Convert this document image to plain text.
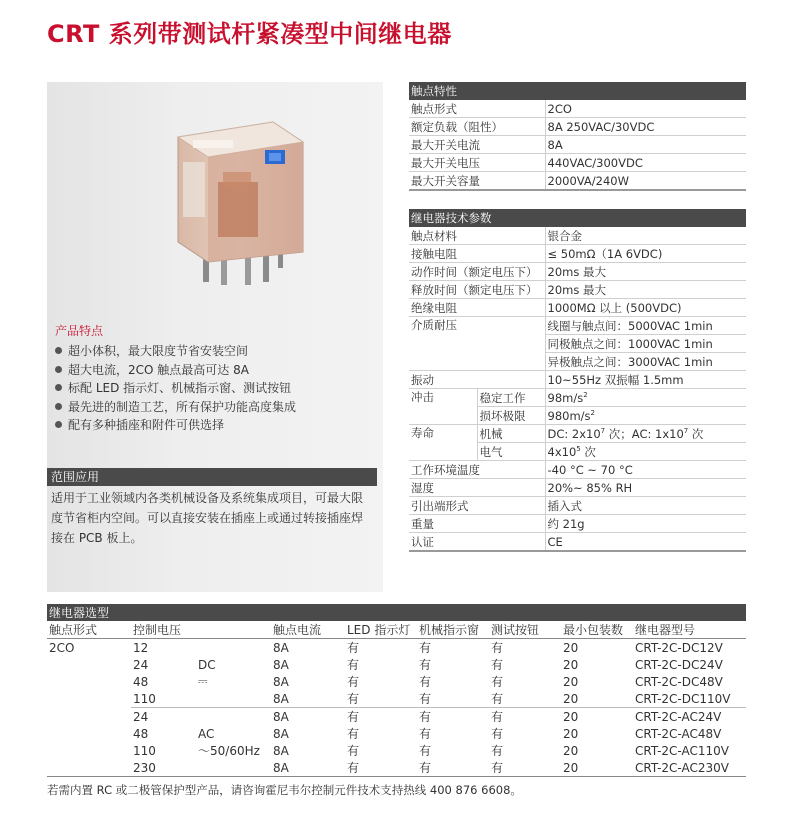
CRT 系列带测试杆紧凑型中间继电器
产品特点
超小体积，最大限度节省安装空间
超大电流，2CO 触点最高可达 8A
标配 LED 指示灯、机械指示窗、测试按钮
最先进的制造工艺，所有保护功能高度集成
配有多种插座和附件可供选择
范围应用
适用于工业领域内各类机械设备及系统集成项目，可最大限度节省柜内空间。可以直接安装在插座上或通过转接插座焊接在 PCB 板上。
触点特性	
触点形式	2CO
额定负载（阻性）	8A 250VAC/30VDC
最大开关电流	8A
最大开关电压	440VAC/300VDC
最大开关容量	2000VA/240W
继电器技术参数		
触点材料		银合金
接触电阻		≤ 50mΩ（1A 6VDC)
动作时间（额定电压下）		20ms 最大
释放时间（额定电压下）		20ms 最大
绝缘电阻		1000MΩ 以上 (500VDC)
介质耐压		线圈与触点间：5000VAC 1min
		同极触点之间：1000VAC 1min
		异极触点之间：3000VAC 1min
振动		10~55Hz 双振幅 1.5mm
冲击	稳定工作	$98m/s^2$
	损坏极限	$980m/s^2$
寿命	机械	DC: $2x10^7$ 次；AC: $1x10^7$ 次
	电气	$4x10^5$ 次
工作环境温度		-40 °C ~ 70 °C
湿度		20%~ 85% RH
引出端形式		插入式
重量		约 21g
认证		CE
继电器选型								
触点形式	控制电压		触点电流	LED 指示灯	机械指示窗	测试按钮	最小包装数	继电器型号
2CO	12		8A	有	有	有	20	CRT-2C-DC12V
	24	DC	8A	有	有	有	20	CRT-2C-DC24V
	48	⎓	8A	有	有	有	20	CRT-2C-DC48V
	110		8A	有	有	有	20	CRT-2C-DC110V
	24		8A	有	有	有	20	CRT-2C-AC24V
	48	AC	8A	有	有	有	20	CRT-2C-AC48V
	110	～50/60Hz	8A	有	有	有	20	CRT-2C-AC110V
	230		8A	有	有	有	20	CRT-2C-AC230V
若需内置 RC 或二极管保护型产品，请咨询霍尼韦尔控制元件技术支持热线 400 876 6608。
